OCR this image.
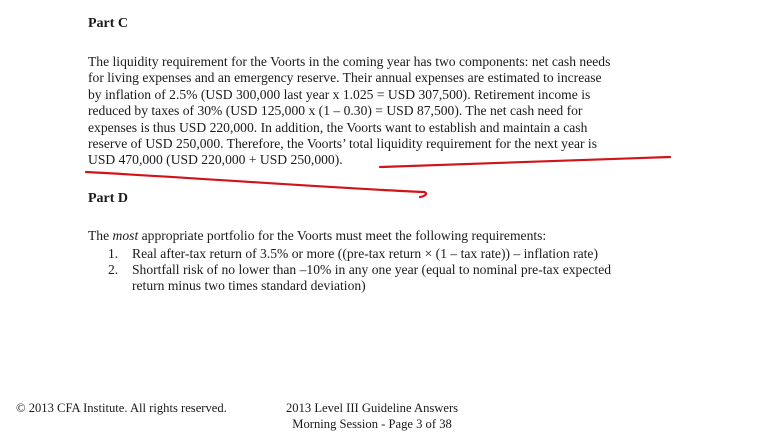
Part C
The liquidity requirement for the Voorts in the coming year has two components: net cash needs
for living expenses and an emergency reserve. Their annual expenses are estimated to increase
by inflation of 2.5% (USD 300,000 last year x 1.025 = USD 307,500). Retirement income is
reduced by taxes of 30% (USD 125,000 x (1 – 0.30) = USD 87,500). The net cash need for
expenses is thus USD 220,000. In addition, the Voorts want to establish and maintain a cash
reserve of USD 250,000. Therefore, the Voorts’ total liquidity requirement for the next year is
USD 470,000 (USD 220,000 + USD 250,000).
Part D
The most appropriate portfolio for the Voorts must meet the following requirements:
1. Real after-tax return of 3.5% or more ((pre-tax return × (1 – tax rate)) – inflation rate)
2. Shortfall risk of no lower than –10% in any one year (equal to nominal pre-tax expected
return minus two times standard deviation)
© 2013 CFA Institute. All rights reserved.	2013 Level III Guideline Answers
Morning Session - Page 3 of 38
